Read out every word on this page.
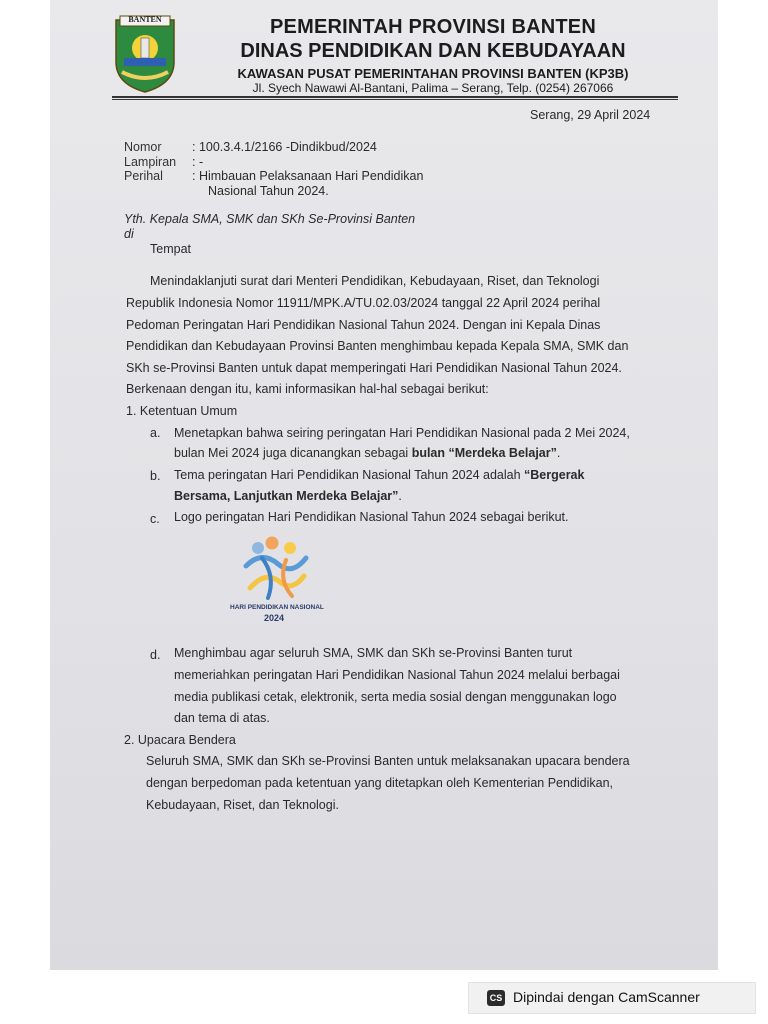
BANTEN	PEMERINTAH PROVINSI BANTEN
DINAS PENDIDIKAN DAN KEBUDAYAAN
KAWASAN PUSAT PEMERINTAHAN PROVINSI BANTEN (KP3B)
Jl. Syech Nawawi Al-Bantani, Palima – Serang, Telp. (0254) 267066
Serang, 29 April 2024
Nomor : 100.3.4.1/2166 -Dindikbud/2024
Lampiran : -
Perihal : Himbauan Pelaksanaan Hari Pendidikan
Nasional Tahun 2024.
Yth. Kepala SMA, SMK dan SKh Se-Provinsi Banten
di
Tempat
Menindaklanjuti surat dari Menteri Pendidikan, Kebudayaan, Riset, dan Teknologi
Republik Indonesia Nomor 11911/MPK.A/TU.02.03/2024 tanggal 22 April 2024 perihal
Pedoman Peringatan Hari Pendidikan Nasional Tahun 2024. Dengan ini Kepala Dinas
Pendidikan dan Kebudayaan Provinsi Banten menghimbau kepada Kepala SMA, SMK dan
SKh se-Provinsi Banten untuk dapat memperingati Hari Pendidikan Nasional Tahun 2024.
Berkenaan dengan itu, kami informasikan hal-hal sebagai berikut:
1. Ketentuan Umum
a. Menetapkan bahwa seiring peringatan Hari Pendidikan Nasional pada 2 Mei 2024,
bulan Mei 2024 juga dicanangkan sebagai bulan “Merdeka Belajar”.
b. Tema peringatan Hari Pendidikan Nasional Tahun 2024 adalah “Bergerak
Bersama, Lanjutkan Merdeka Belajar”.
c. Logo peringatan Hari Pendidikan Nasional Tahun 2024 sebagai berikut.
HARI PENDIDIKAN NASIONAL
2024
d. Menghimbau agar seluruh SMA, SMK dan SKh se-Provinsi Banten turut
memeriahkan peringatan Hari Pendidikan Nasional Tahun 2024 melalui berbagai
media publikasi cetak, elektronik, serta media sosial dengan menggunakan logo
dan tema di atas.
2. Upacara Bendera
Seluruh SMA, SMK dan SKh se-Provinsi Banten untuk melaksanakan upacara bendera
dengan berpedoman pada ketentuan yang ditetapkan oleh Kementerian Pendidikan,
Kebudayaan, Riset, dan Teknologi.
CS Dipindai dengan CamScanner
